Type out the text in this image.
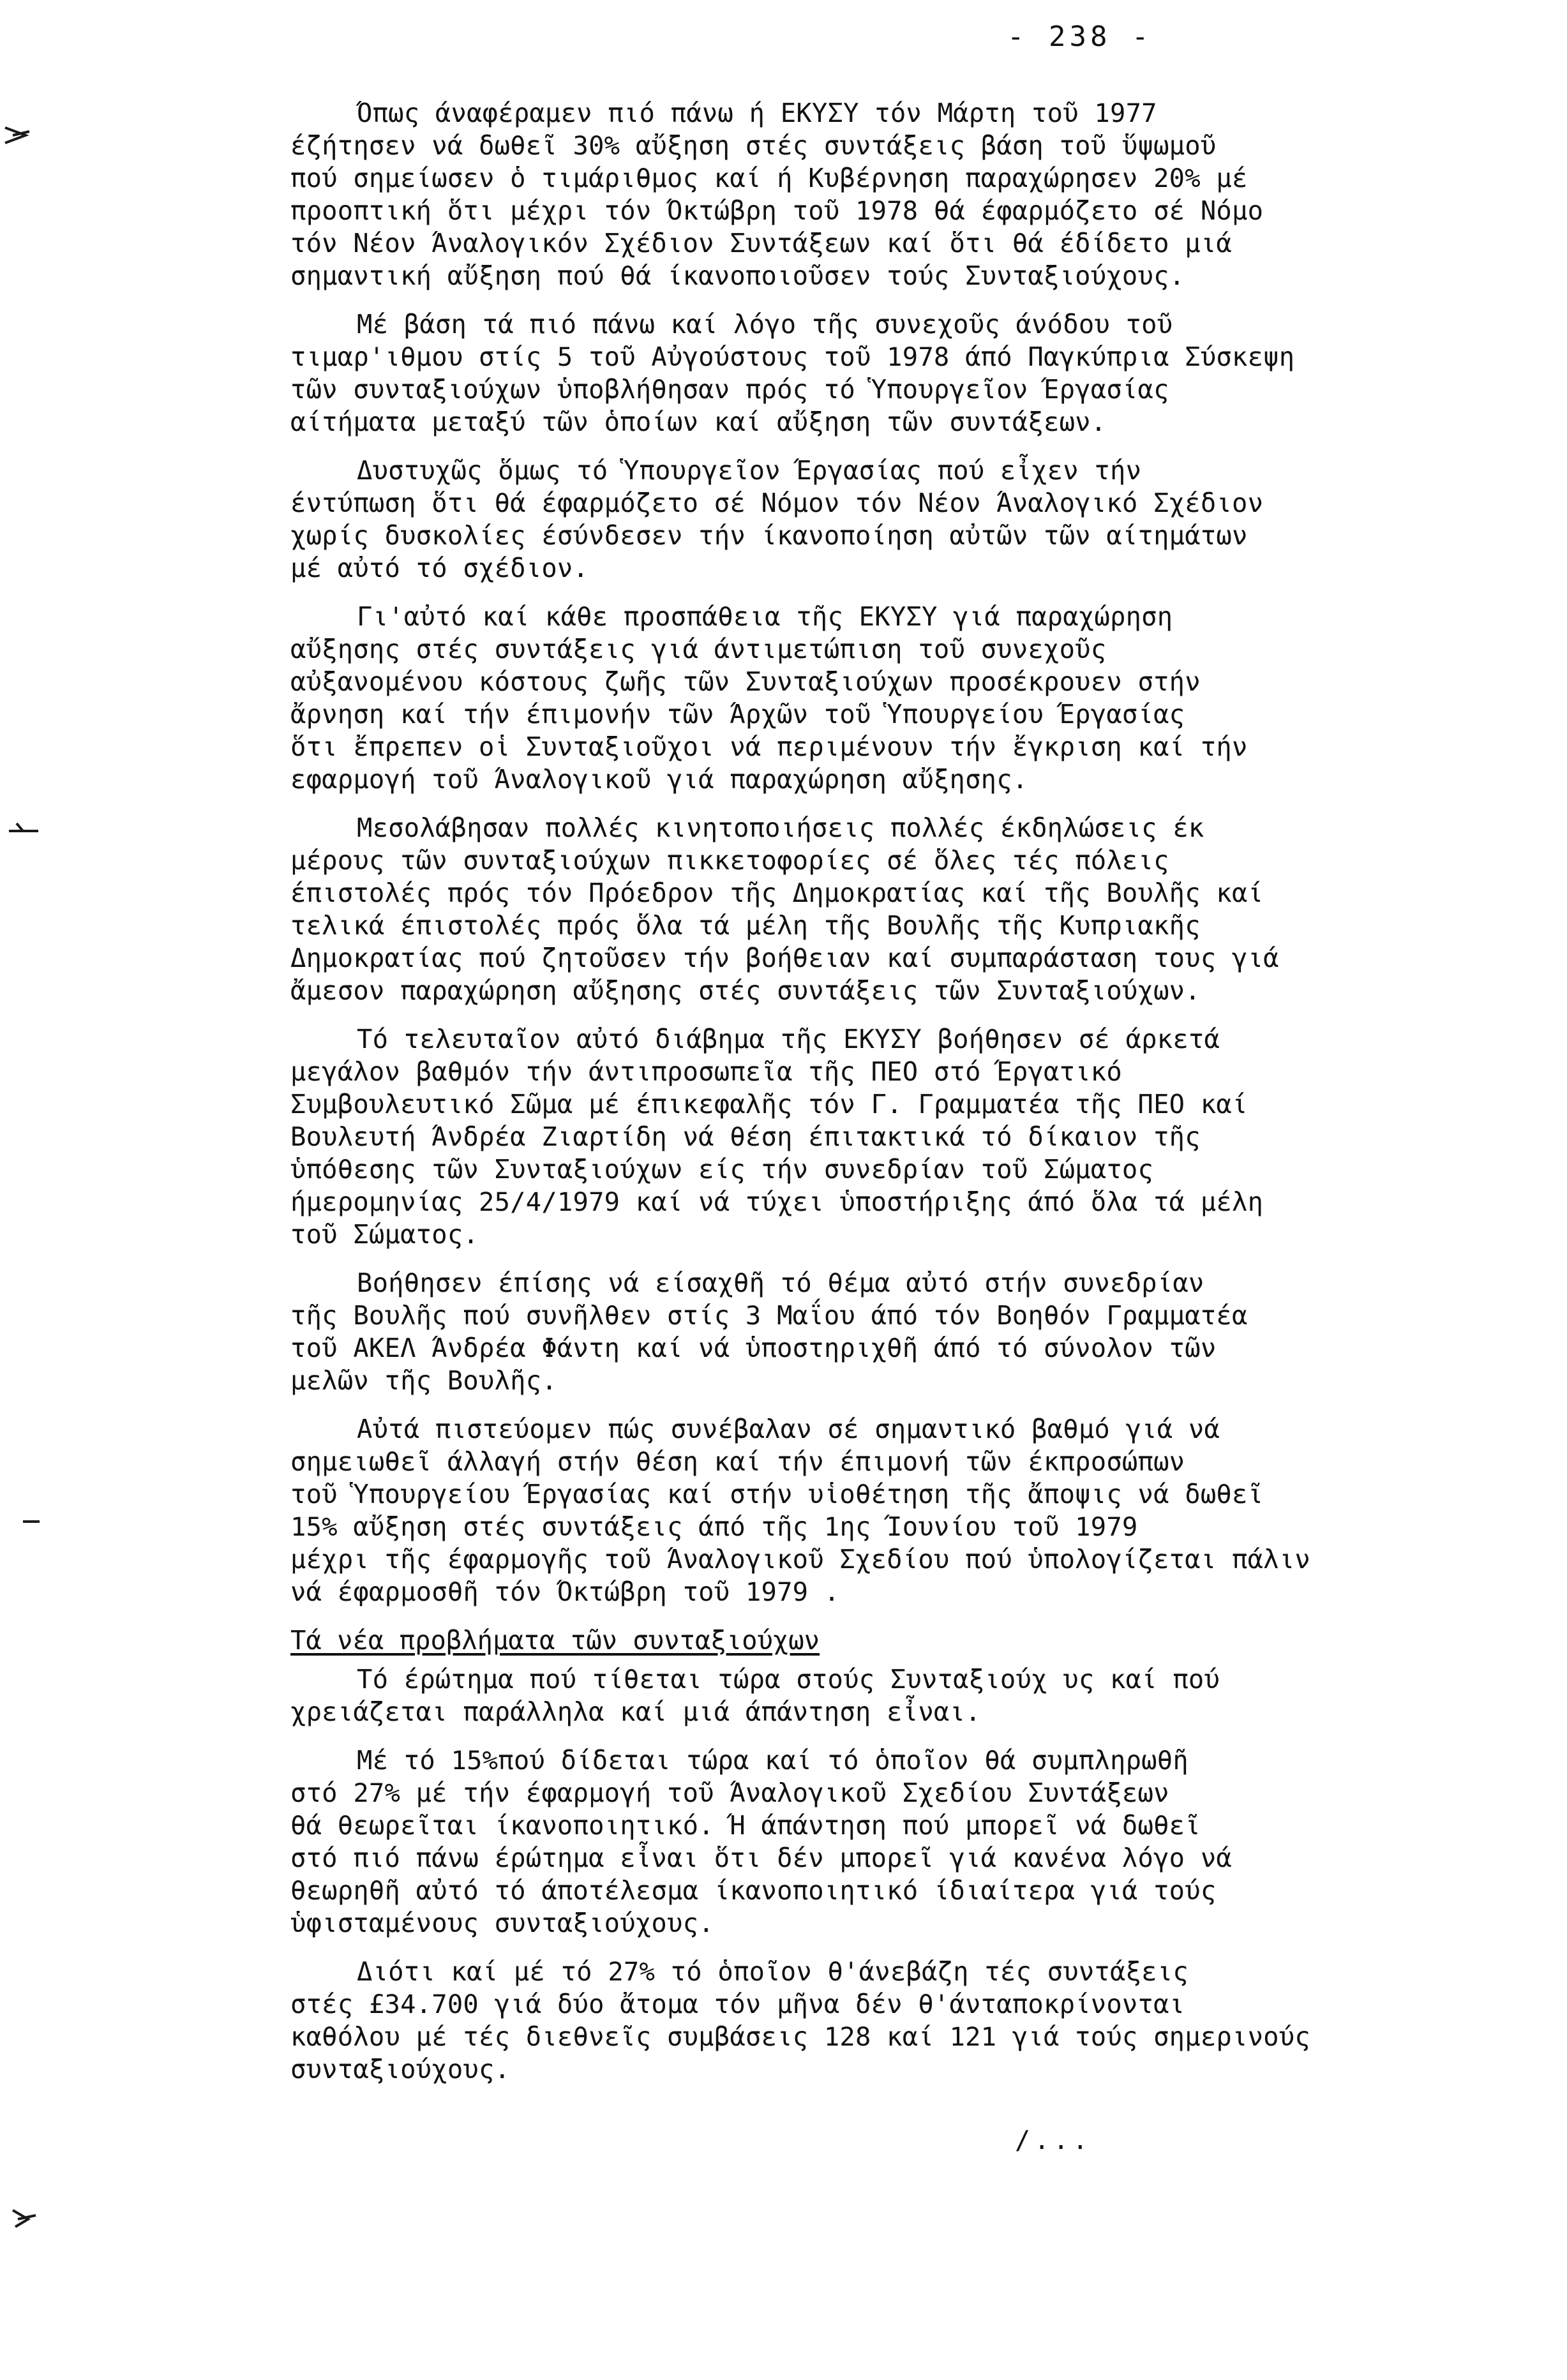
- 238 -

Όπως άναφέραμεν πιό πάνω ή ΕΚΥΣΥ τόν Μάρτη τοῦ 1977
έζήτησεν νά δωθεῖ 30% αὔξηση στές συντάξεις βάση τοῦ ὕψωμοῦ
πού σημείωσεν ὁ τιμάριθμος καί ή Κυβέρνηση παραχώρησεν 20% μέ
προοπτική ὅτι μέχρι τόν Όκτώβρη τοῦ 1978 θά έφαρμόζετο σέ Νόμο
τόν Νέον Άναλογικόν Σχέδιον Συντάξεων καί ὅτι θά έδίδετο μιά
σημαντική αὔξηση πού θά ίκανοποιοῦσεν τούς Συνταξιούχους.

Μέ βάση τά πιό πάνω καί λόγο τῆς συνεχοῦς άνόδου τοῦ
τιμαρ'ιθμου στίς 5 τοῦ Αὐγούστους τοῦ 1978 άπό Παγκύπρια Σύσκεψη
τῶν συνταξιούχων ὑποβλήθησαν πρός τό Ὑπουργεῖον Έργασίας
αίτήματα μεταξύ τῶν ὁποίων καί αὔξηση τῶν συντάξεων.

Δυστυχῶς ὅμως τό Ὑπουργεῖον Έργασίας πού εἶχεν τήν
έντύπωση ὅτι θά έφαρμόζετο σέ Νόμον τόν Νέον Άναλογικό Σχέδιον
χωρίς δυσκολίες έσύνδεσεν τήν ίκανοποίηση αὐτῶν τῶν αίτημάτων
μέ αὐτό τό σχέδιον.

Γι'αὐτό καί κάθε προσπάθεια τῆς ΕΚΥΣΥ γιά παραχώρηση
αὔξησης στές συντάξεις γιά άντιμετώπιση τοῦ συνεχοῦς
αὐξανομένου κόστους ζωῆς τῶν Συνταξιούχων προσέκρουεν στήν
ἄρνηση καί τήν έπιμονήν τῶν Άρχῶν τοῦ Ὑπουργείου Έργασίας
ὅτι ἔπρεπεν οἱ Συνταξιοῦχοι νά περιμένουν τήν ἔγκριση καί τήν
εφαρμογή τοῦ Άναλογικοῦ γιά παραχώρηση αὔξησης.

Μεσολάβησαν πολλές κινητοποιήσεις πολλές έκδηλώσεις έκ
μέρους τῶν συνταξιούχων πικκετοφορίες σέ ὅλες τές πόλεις
έπιστολές πρός τόν Πρόεδρον τῆς Δημοκρατίας καί τῆς Βουλῆς καί
τελικά έπιστολές πρός ὅλα τά μέλη τῆς Βουλῆς τῆς Κυπριακῆς
Δημοκρατίας πού ζητοῦσεν τήν βοήθειαν καί συμπαράσταση τους γιά
ἄμεσον παραχώρηση αὔξησης στές συντάξεις τῶν Συνταξιούχων.

Τό τελευταῖον αὐτό διάβημα τῆς ΕΚΥΣΥ βοήθησεν σέ άρκετά
μεγάλον βαθμόν τήν άντιπροσωπεῖα τῆς ΠΕΟ στό Έργατικό
Συμβουλευτικό Σῶμα μέ έπικεφαλῆς τόν Γ. Γραμματέα τῆς ΠΕΟ καί
Βουλευτή Άνδρέα Ζιαρτίδη νά θέση έπιτακτικά τό δίκαιον τῆς
ὑπόθεσης τῶν Συνταξιούχων είς τήν συνεδρίαν τοῦ Σώματος
ήμερομηνίας 25/4/1979 καί νά τύχει ὑποστήριξης άπό ὅλα τά μέλη
τοῦ Σώματος.

Βοήθησεν έπίσης νά είσαχθῆ τό θέμα αὐτό στήν συνεδρίαν
τῆς Βουλῆς πού συνῆλθεν στίς 3 Μαΐου άπό τόν Βοηθόν Γραμματέα
τοῦ ΑΚΕΛ Άνδρέα Φάντη καί νά ὑποστηριχθῆ άπό τό σύνολον τῶν
μελῶν τῆς Βουλῆς.

Αὐτά πιστεύομεν πώς συνέβαλαν σέ σημαντικό βαθμό γιά νά
σημειωθεῖ άλλαγή στήν θέση καί τήν έπιμονή τῶν έκπροσώπων
τοῦ Ὑπουργείου Έργασίας καί στήν υἱοθέτηση τῆς ἄποψις νά δωθεῖ
15% αὔξηση στές συντάξεις άπό τῆς 1ης Ίουνίου τοῦ 1979
μέχρι τῆς έφαρμογῆς τοῦ Άναλογικοῦ Σχεδίου πού ὑπολογίζεται πάλιν
νά έφαρμοσθῆ τόν Όκτώβρη τοῦ 1979 .

Τά νέα προβλήματα τῶν συνταξιούχων

Τό έρώτημα πού τίθεται τώρα στούς Συνταξιούχ υς καί πού
χρειάζεται παράλληλα καί μιά άπάντηση εἶναι.

Μέ τό 15%πού δίδεται τώρα καί τό ὁποῖον θά συμπληρωθῆ
στό 27% μέ τήν έφαρμογή τοῦ Άναλογικοῦ Σχεδίου Συντάξεων
θά θεωρεῖται ίκανοποιητικό. Ή άπάντηση πού μπορεῖ νά δωθεῖ
στό πιό πάνω έρώτημα εἶναι ὅτι δέν μπορεῖ γιά κανένα λόγο νά
θεωρηθῆ αὐτό τό άποτέλεσμα ίκανοποιητικό ίδιαίτερα γιά τούς
ὑφισταμένους συνταξιούχους.

Διότι καί μέ τό 27% τό ὁποῖον θ'άνεβάζη τές συντάξεις
στές £34.700 γιά δύο ἄτομα τόν μῆνα δέν θ'άνταποκρίνονται
καθόλου μέ τές διεθνεῖς συμβάσεις 128 καί 121 γιά τούς σημερινούς
συνταξιούχους.

/...
